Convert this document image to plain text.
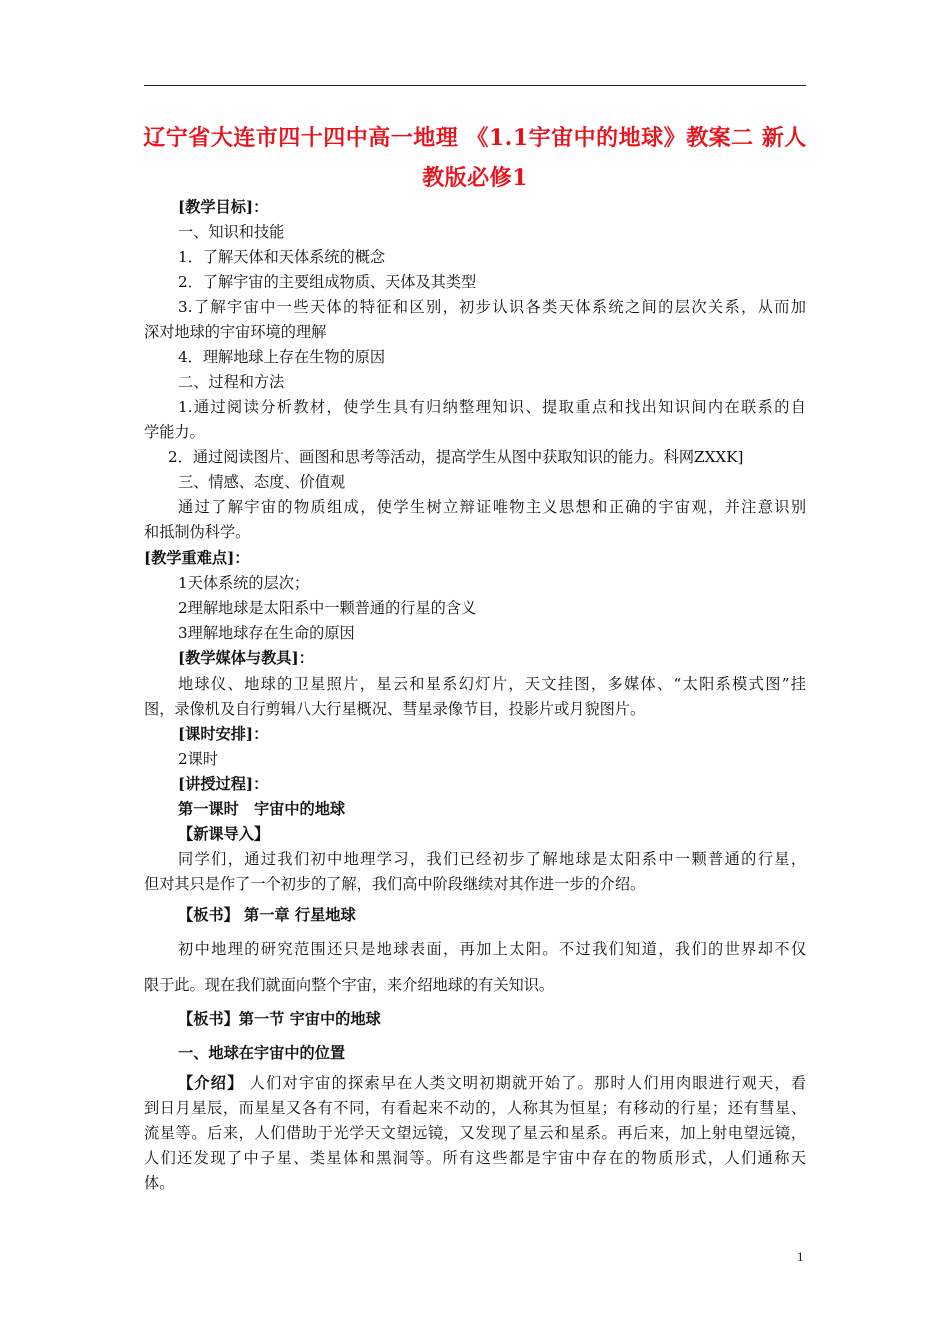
辽宁省大连市四十四中高一地理 《1.1宇宙中的地球》教案二 新人
教版必修1
[教学目标]：
一、知识和技能
1．了解天体和天体系统的概念
2．了解宇宙的主要组成物质、天体及其类型
3.了解宇宙中一些天体的特征和区别，初步认识各类天体系统之间的层次关系，从而加
深对地球的宇宙环境的理解
4．理解地球上存在生物的原因
二、过程和方法
1.通过阅读分析教材，使学生具有归纳整理知识、提取重点和找出知识间内在联系的自
学能力。
2．通过阅读图片、画图和思考等活动，提高学生从图中获取知识的能力。科网ZXXK]
三、情感、态度、价值观
通过了解宇宙的物质组成，使学生树立辩证唯物主义思想和正确的宇宙观，并注意识别
和抵制伪科学。
[教学重难点]：
1天体系统的层次；
2理解地球是太阳系中一颗普通的行星的含义
3理解地球存在生命的原因
[教学媒体与教具]：
地球仪、地球的卫星照片，星云和星系幻灯片，天文挂图，多媒体、“太阳系模式图”挂
图，录像机及自行剪辑八大行星概况、彗星录像节目，投影片或月貌图片。
[课时安排]：
2课时
[讲授过程]：
第一课时　宇宙中的地球
【新课导入】
同学们，通过我们初中地理学习，我们已经初步了解地球是太阳系中一颗普通的行星，
但对其只是作了一个初步的了解，我们高中阶段继续对其作进一步的介绍。
【板书】 第一章 行星地球
初中地理的研究范围还只是地球表面，再加上太阳。不过我们知道，我们的世界却不仅
限于此。现在我们就面向整个宇宙，来介绍地球的有关知识。
【板书】第一节 宇宙中的地球
一、地球在宇宙中的位置
【介绍】 人们对宇宙的探索早在人类文明初期就开始了。那时人们用肉眼进行观天，看
到日月星辰，而星星又各有不同，有看起来不动的，人称其为恒星；有移动的行星；还有彗星、
流星等。后来，人们借助于光学天文望远镜，又发现了星云和星系。再后来，加上射电望远镜，
人们还发现了中子星、类星体和黑洞等。所有这些都是宇宙中存在的物质形式，人们通称天
体。
1
